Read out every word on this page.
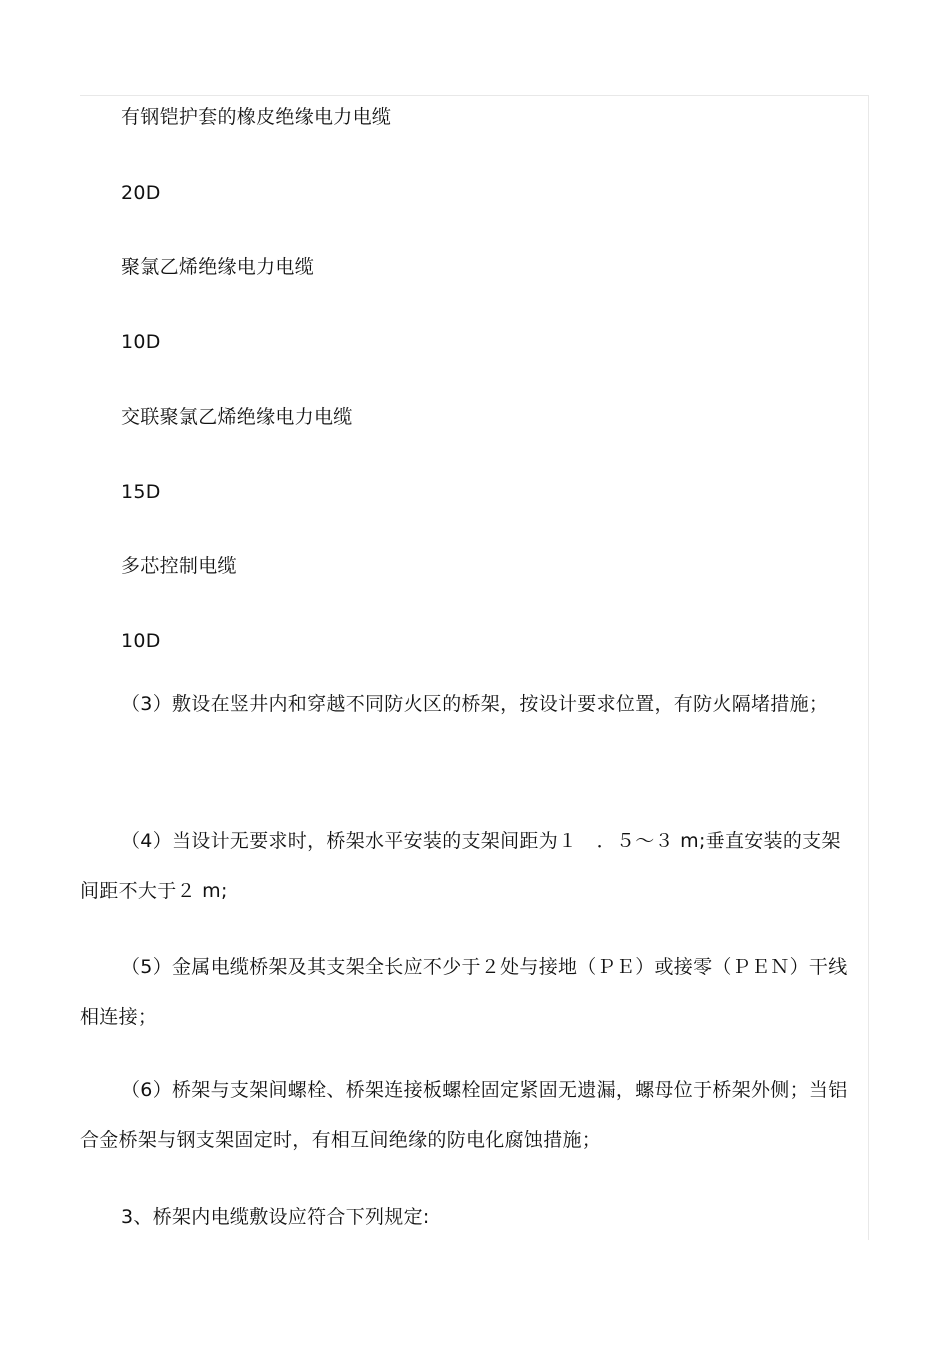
有钢铠护套的橡皮绝缘电力电缆
20D
聚氯乙烯绝缘电力电缆
10D
交联聚氯乙烯绝缘电力电缆
15D
多芯控制电缆
10D

（3）敷设在竖井内和穿越不同防火区的桥架，按设计要求位置，有防火隔堵措施；

（4）当设计无要求时，桥架水平安装的支架间距为１　．５～３ m;垂直安装的支架间距不大于２ m;

（5）金属电缆桥架及其支架全长应不少于２处与接地（ＰＥ）或接零（ＰＥＮ）干线相连接；

（6）桥架与支架间螺栓、桥架连接板螺栓固定紧固无遗漏，螺母位于桥架外侧；当铝合金桥架与钢支架固定时，有相互间绝缘的防电化腐蚀措施；

3、桥架内电缆敷设应符合下列规定:
